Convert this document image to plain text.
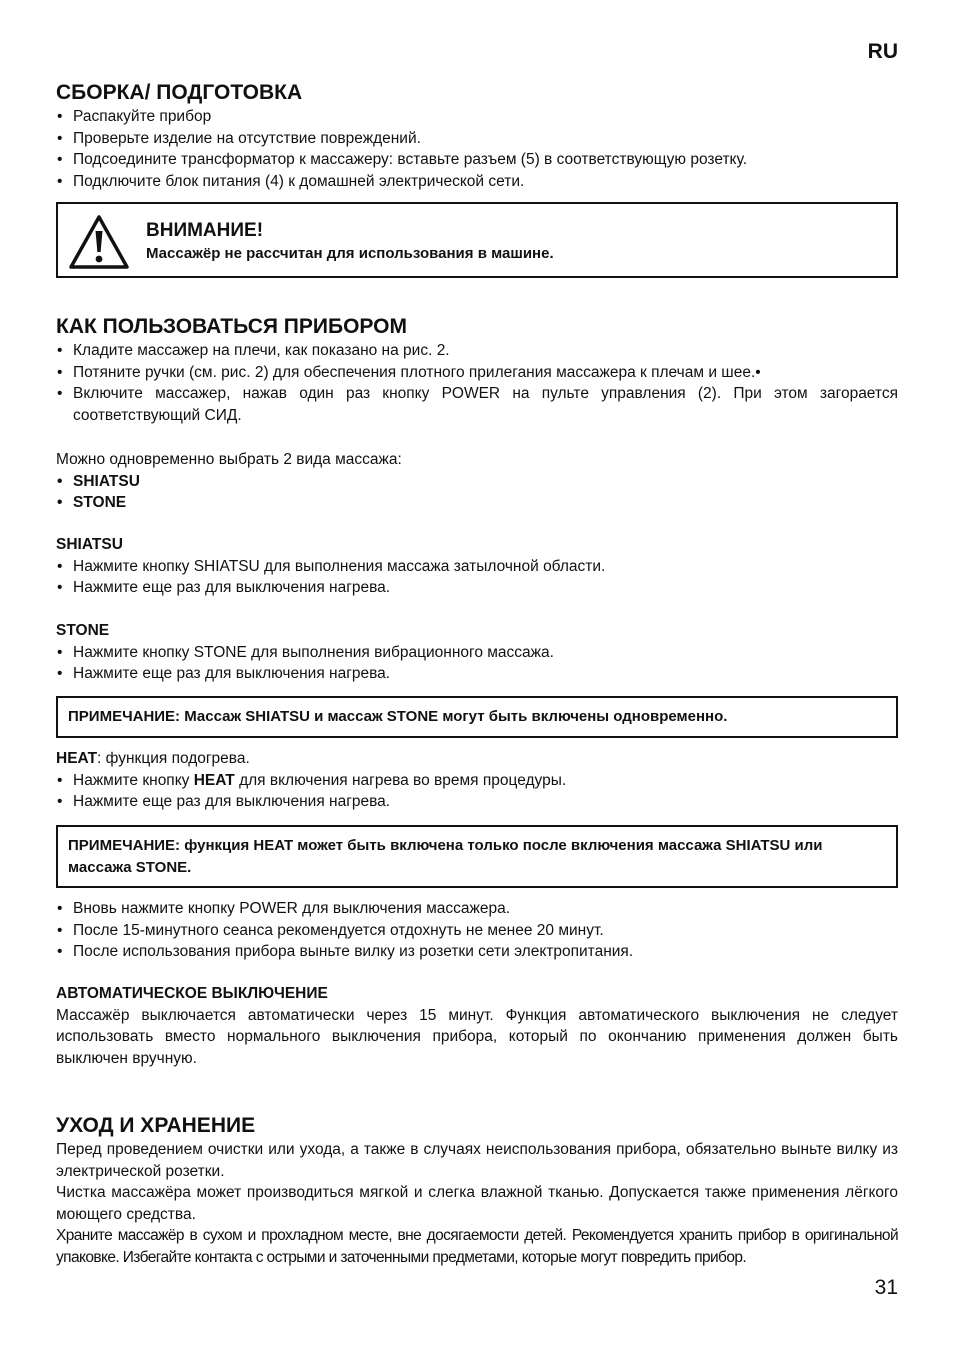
RU
СБОРКА/ ПОДГОТОВКА
• Распакуйте прибор
• Проверьте изделие на отсутствие повреждений.
• Подсоедините трансформатор к массажеру: вставьте разъем (5) в соответствующую розетку.
• Подключите блок питания (4) к домашней электрической сети.
ВНИМАНИЕ!
Массажёр не рассчитан для использования в машине.
КАК ПОЛЬЗОВАТЬСЯ ПРИБОРОМ
• Кладите массажер на плечи, как показано на рис. 2.
• Потяните ручки (см. рис. 2) для обеспечения плотного прилегания массажера к плечам и шее.•
• Включите массажер, нажав один раз кнопку POWER на пульте управления (2). При этом загорается соответствующий СИД.

Можно одновременно выбрать 2 вида массажа:

• SHIATSU
• STONE

SHIATSU

• Нажмите кнопку SHIATSU для выполнения массажа затылочной области.
• Нажмите еще раз для выключения нагрева.

STONE

• Нажмите кнопку STONE для выполнения вибрационного массажа.
• Нажмите еще раз для выключения нагрева.
ПРИМЕЧАНИЕ: Массаж SHIATSU и массаж STONE могут быть включены одновременно.

HEAT: функция подогрева.

• Нажмите кнопку HEAT для включения нагрева во время процедуры.
• Нажмите еще раз для выключения нагрева.
ПРИМЕЧАНИЕ: функция HEAT может быть включена только после включения массажа SHIATSU или массажа STONE.
• Вновь нажмите кнопку POWER для выключения массажера.
• После 15-минутного сеанса рекомендуется отдохнуть не менее 20 минут.
• После использования прибора выньте вилку из розетки сети электропитания.

АВТОМАТИЧЕСКОЕ ВЫКЛЮЧЕНИЕ

Массажёр выключается автоматически через 15 минут. Функция автоматического выключения не следует использовать вместо нормального выключения прибора, который по окончанию применения должен быть выключен вручную.

УХОД И ХРАНЕНИЕ

Перед проведением очистки или ухода, а также в случаях неиспользования прибора, обязательно выньте вилку из электрической розетки.

Чистка массажёра может производиться мягкой и слегка влажной тканью. Допускается также применения лёгкого моющего средства.

Храните массажёр в сухом и прохладном месте, вне досягаемости детей. Рекомендуется хранить прибор в оригинальной упаковке. Избегайте контакта с острыми и заточенными предметами, которые могут повредить прибор.

31
